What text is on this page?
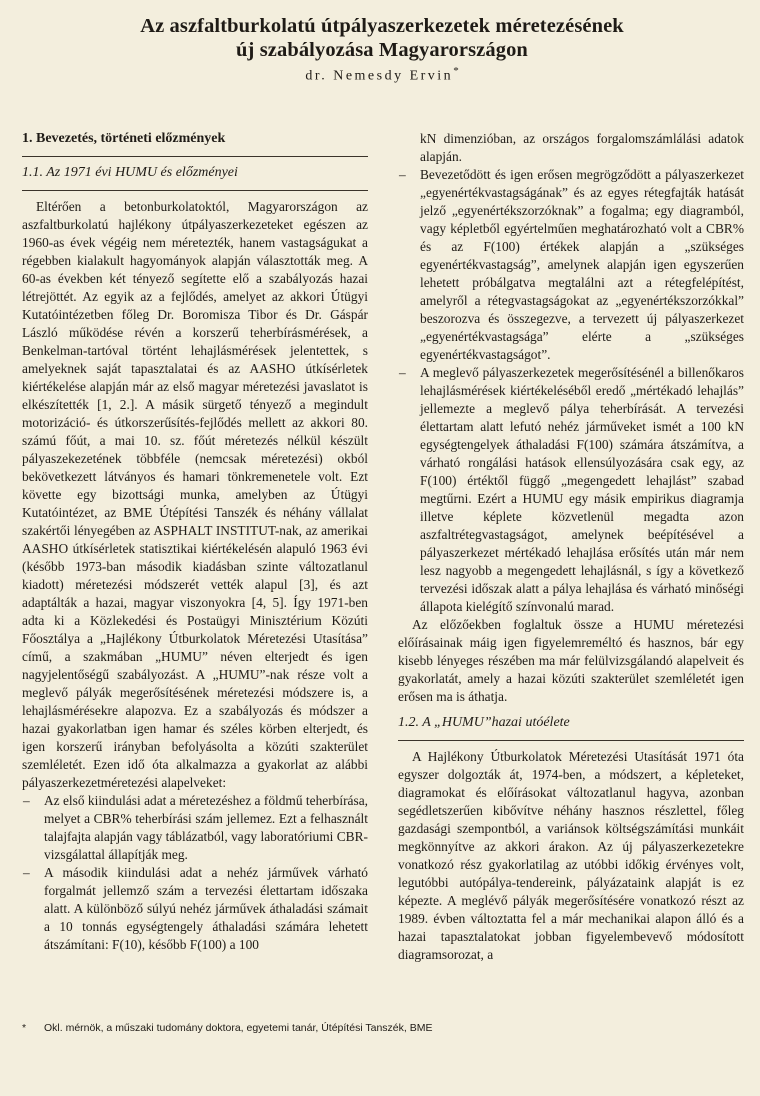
Az aszfaltburkolatú útpályaszerkezetek méretezésének
új szabályozása Magyarországon
dr. Nemesdy Ervin*
1. Bevezetés, történeti előzmények
1.1. Az 1971 évi HUMU és előzményei

Eltérően a betonburkolatoktól, Magyarországon az aszfaltburkolatú hajlékony útpályaszerkezeteket egészen az 1960-as évek végéig nem méretezték, hanem vastagságukat a régebben kialakult hagyományok alapján választották meg. A 60-as években két tényező segítette elő a szabályozás hazai létrejöttét. Az egyik az a fejlődés, amelyet az akkori Útügyi Kutatóintézetben főleg Dr. Boromisza Tibor és Dr. Gáspár László működése révén a korszerű teherbírásmérések, a Benkelman-tartóval történt lehajlásmérések jelentettek, s amelyeknek saját tapasztalatai és az AASHO útkísérletek kiértékelése alapján már az első magyar méretezési javaslatot is elkészítették [1, 2.]. A másik sürgető tényező a megindult motorizáció- és útkorszerűsítés-fejlődés mellett az akkori 80. számú főút, a mai 10. sz. főút méretezés nélkül készült pályaszekezetének többféle (nemcsak méretezési) okból bekövetkezett látványos és hamari tönkremenetele volt. Ezt követte egy bizottsági munka, amelyben az Útügyi Kutatóintézet, az BME Útépítési Tanszék és néhány vállalat szakértői lényegében az ASPHALT INSTITUT-nak, az amerikai AASHO útkísérletek statisztikai kiértékelésén alapuló 1963 évi (később 1973-ban második kiadásban szinte változatlanul kiadott) méretezési módszerét vették alapul [3], és azt adaptálták a hazai, magyar viszonyokra [4, 5]. Így 1971-ben adta ki a Közlekedési és Postaügyi Minisztérium Közúti Főosztálya a „Hajlékony Útburkolatok Méretezési Utasítása” című, a szakmában „HUMU” néven elterjedt és igen nagyjelentőségű szabályozást. A „HUMU”-nak része volt a meglevő pályák megerősítésének méretezési módszere is, a lehajlásmérésekre alapozva. Ez a szabályozás és módszer a hazai gyakorlatban igen hamar és széles körben elterjedt, és igen korszerű irányban befolyásolta a közúti szakterület szemléletét. Ezen idő óta alkalmazza a gyakorlat az alábbi pályaszerkezetméretezési alapelveket:

– Az első kiindulási adat a méretezéshez a földmű teherbírása, melyet a CBR% teherbírási szám jellemez. Ezt a felhasznált talajfajta alapján vagy táblázatból, vagy laboratóriumi CBR-vizsgálattal állapítják meg.
– A második kiindulási adat a nehéz járművek várható forgalmát jellemző szám a tervezési élettartam időszaka alatt. A különböző súlyú nehéz járművek áthaladási számait a 10 tonnás egységtengely áthaladási számára lehetett átszámítani: F(10), később F(100) a 100
kN dimenzióban, az országos forgalomszámlálási adatok alapján.
– Bevezetődött és igen erősen megrögződött a pályaszerkezet „egyenértékvastagságának” és az egyes rétegfajták hatását jelző „egyenértékszorzóknak” a fogalma; egy diagramból, vagy képletből egyértelműen meghatározható volt a CBR% és az F(100) értékek alapján a „szükséges egyenértékvastagság”, amelynek alapján igen egyszerűen lehetett próbálgatva megtalálni azt a rétegfelépítést, amelyről a rétegvastagságokat az „egyenértékszorzókkal” beszorozva és összegezve, a tervezett új pályaszerkezet „egyenértékvastagsága” elérte a „szükséges egyenértékvastagságot”.
– A meglevő pályaszerkezetek megerősítésénél a billenőkaros lehajlásmérések kiértékeléséből eredő „mértékadó lehajlás” jellemezte a meglevő pálya teherbírását. A tervezési élettartam alatt lefutó nehéz járműveket ismét a 100 kN egységtengelyek áthaladási F(100) számára átszámítva, a várható rongálási hatások ellensúlyozására csak egy, az F(100) értéktől függő „megengedett lehajlást” szabad megtűrni. Ezért a HUMU egy másik empirikus diagramja illetve képlete közvetlenül megadta azon aszfaltrétegvastagságot, amelynek beépítésével a pályaszerkezet mértékadó lehajlása erősítés után már nem lesz nagyobb a megengedett lehajlásnál, s így a következő tervezési időszak alatt a pálya lehajlása és várható minőségi állapota kielégítő színvonalú marad.

Az előzőekben foglaltuk össze a HUMU méretezési előírásainak máig igen figyelemreméltó és hasznos, bár egy kisebb lényeges részében ma már felülvizsgálandó alapelveit és gyakorlatát, amely a hazai közúti szakterület szemléletét igen erősen ma is áthatja.

1.2. A „HUMU”hazai utóélete

A Hajlékony Útburkolatok Méretezési Utasítását 1971 óta egyszer dolgozták át, 1974-ben, a módszert, a képleteket, diagramokat és előírásokat változatlanul hagyva, azonban segédletszerűen kibővítve néhány hasznos részlettel, főleg gazdasági szempontból, a variánsok költségszámítási munkáit megkönnyítve az akkori árakon. Az új pályaszerkezetekre vonatkozó rész gyakorlatilag az utóbbi időkig érvényes volt, legutóbbi autópálya-tendereink, pályázataink alapját is ez képezte. A meglévő pályák megerősítésére vonatkozó részt az 1989. évben változtatta fel a már mechanikai alapon álló és a hazai tapasztalatokat jobban figyelembevevő módosított diagramsorozat, a

* Okl. mérnök, a műszaki tudomány doktora, egyetemi tanár, Útépítési Tanszék, BME
